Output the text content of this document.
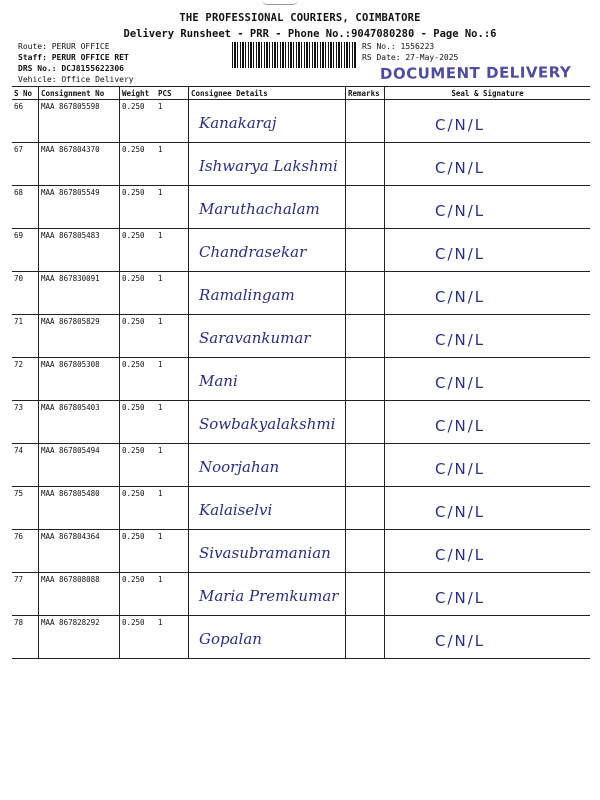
THE PROFESSIONAL COURIERS, COIMBATORE
Delivery Runsheet - PRR - Phone No.:9047080280 - Page No.:6
Route: PERUR OFFICE
Staff: PERUR OFFICE RET
DRS No.: DCJ8155622306
Vehicle: Office Delivery
RS No.: 1556223
RS Date: 27-May-2025
DOCUMENT DELIVERY
S No	Consignment No	Weight	PCS	Consignee Details	Remarks	Seal & Signature
66	MAA 867805598	0.250	1	Kanakaraj		C/N/L

67	MAA 867804370	0.250	1	Ishwarya Lakshmi		C/N/L

68	MAA 867805549	0.250	1	Maruthachalam		C/N/L

69	MAA 867805483	0.250	1	Chandrasekar		C/N/L

70	MAA 867830091	0.250	1	Ramalingam		C/N/L

71	MAA 867805829	0.250	1	Saravankumar		C/N/L

72	MAA 867805308	0.250	1	Mani		C/N/L

73	MAA 867805403	0.250	1	Sowbakyalakshmi		C/N/L

74	MAA 867805494	0.250	1	Noorjahan		C/N/L

75	MAA 867805480	0.250	1	Kalaiselvi		C/N/L

76	MAA 867804364	0.250	1	Sivasubramanian		C/N/L

77	MAA 867808088	0.250	1	Maria Premkumar		C/N/L

78	MAA 867828292	0.250	1	Gopalan		C/N/L
